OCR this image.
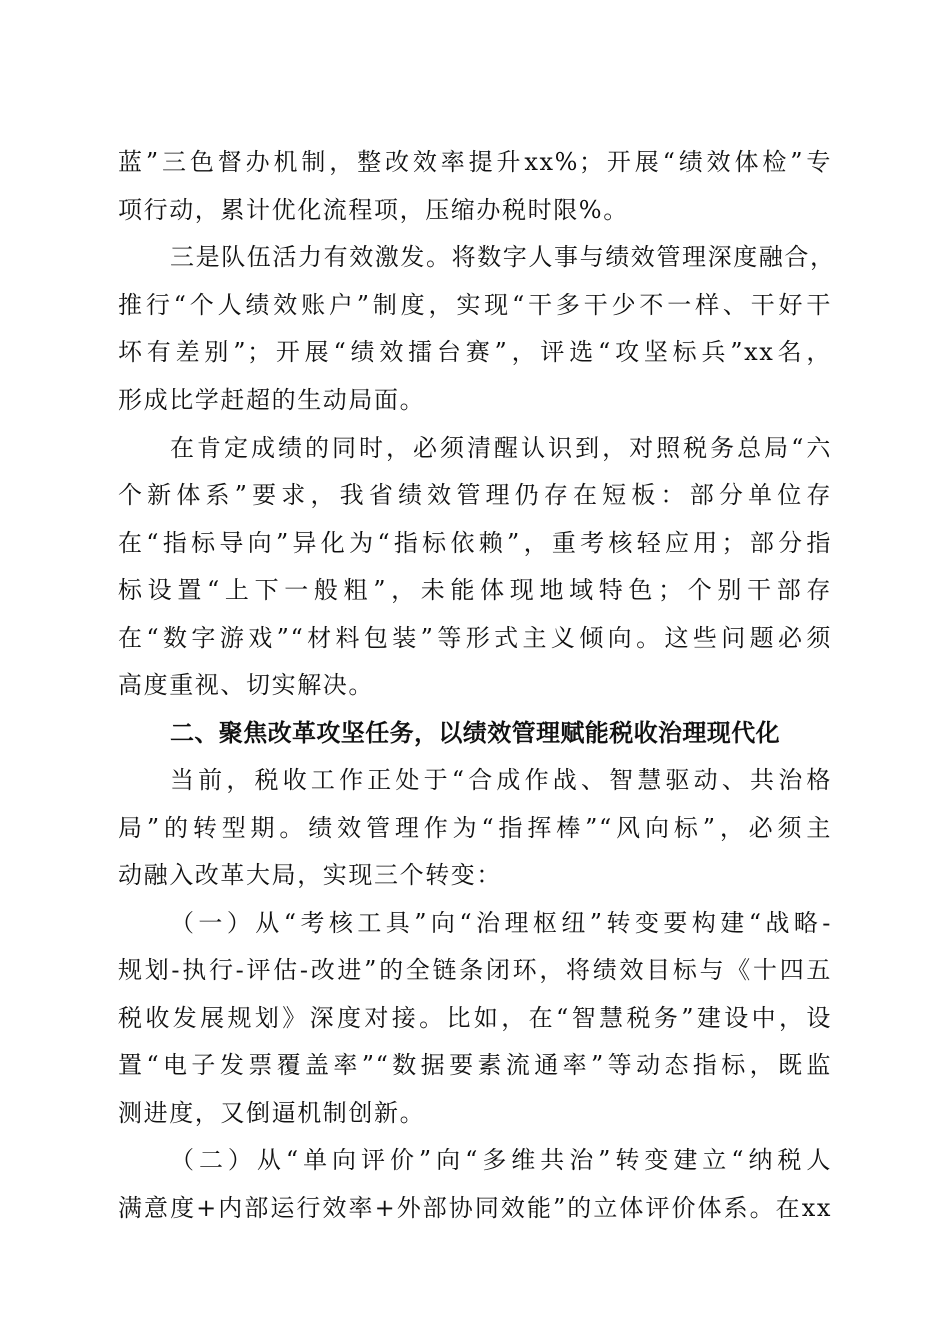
蓝”三色督办机制，整改效率提升xx%；开展“绩效体检”专
项行动，累计优化流程项，压缩办税时限%。
三是队伍活力有效激发。将数字人事与绩效管理深度融合，
推行“个人绩效账户”制度，实现“干多干少不一样、干好干
坏有差别”；开展“绩效擂台赛”，评选“攻坚标兵”xx名，
形成比学赶超的生动局面。
在肯定成绩的同时，必须清醒认识到，对照税务总局“六
个新体系”要求，我省绩效管理仍存在短板：部分单位存
在“指标导向”异化为“指标依赖”，重考核轻应用；部分指
标设置“上下一般粗”，未能体现地域特色；个别干部存
在“数字游戏”“材料包装”等形式主义倾向。这些问题必须
高度重视、切实解决。
二、聚焦改革攻坚任务，以绩效管理赋能税收治理现代化
当前，税收工作正处于“合成作战、智慧驱动、共治格
局”的转型期。绩效管理作为“指挥棒”“风向标”，必须主
动融入改革大局，实现三个转变：
（一）从“考核工具”向“治理枢纽”转变要构建“战略-
规划-执行-评估-改进”的全链条闭环，将绩效目标与《十四五
税收发展规划》深度对接。比如，在“智慧税务”建设中，设
置“电子发票覆盖率”“数据要素流通率”等动态指标，既监
测进度，又倒逼机制创新。
（二）从“单向评价”向“多维共治”转变建立“纳税人
满意度+内部运行效率+外部协同效能”的立体评价体系。在xx
